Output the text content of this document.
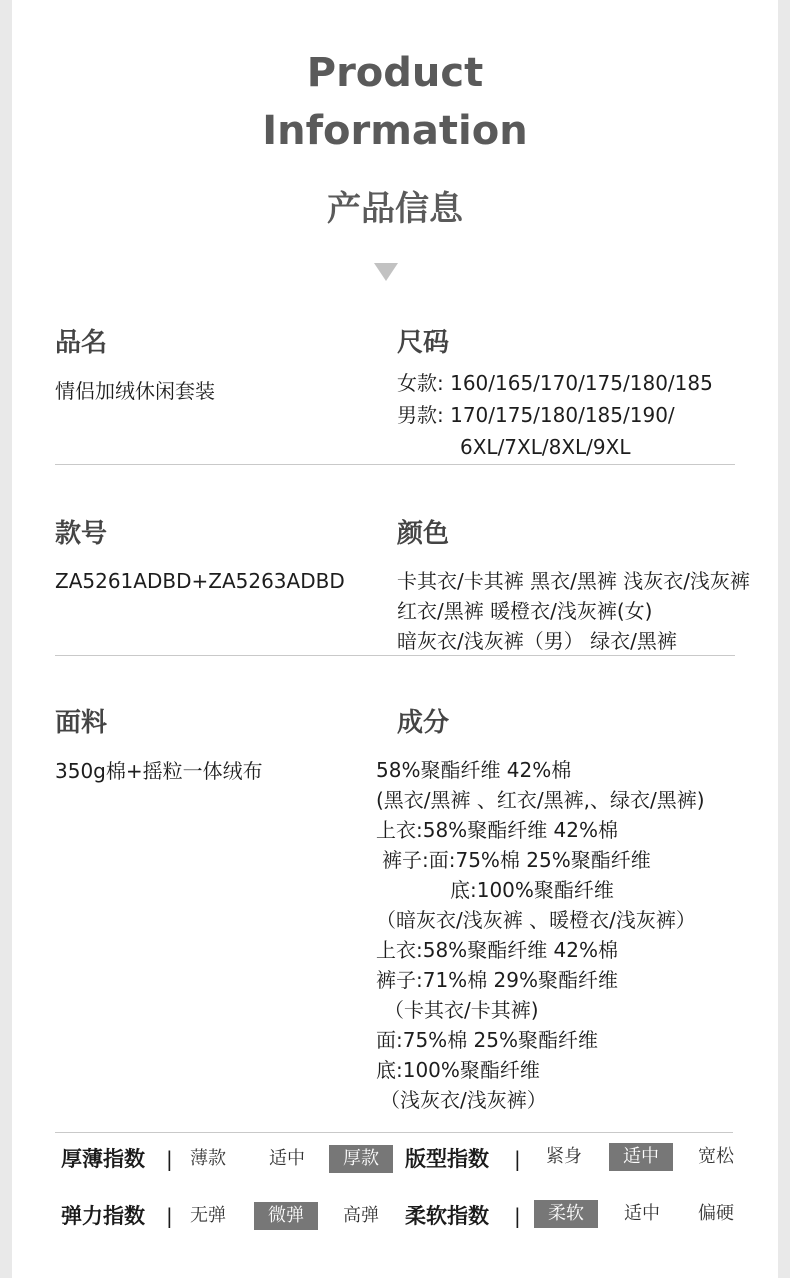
Product
Information
产品信息
品名
情侣加绒休闲套装
尺码
女款: 160/165/170/175/180/185
男款: 170/175/180/185/190/
6XL/7XL/8XL/9XL
款号
ZA5261ADBD+ZA5263ADBD
颜色
卡其衣/卡其裤 黑衣/黑裤 浅灰衣/浅灰裤
红衣/黑裤 暖橙衣/浅灰裤(女)
暗灰衣/浅灰裤（男） 绿衣/黑裤
面料
350g棉+摇粒一体绒布
成分
58%聚酯纤维 42%棉
(黑衣/黑裤 、红衣/黑裤,、绿衣/黑裤)
上衣:58%聚酯纤维 42%棉
裤子:面:75%棉 25%聚酯纤维
底:100%聚酯纤维
（暗灰衣/浅灰裤 、暖橙衣/浅灰裤）
上衣:58%聚酯纤维 42%棉
裤子:71%棉 29%聚酯纤维
（卡其衣/卡其裤)
面:75%棉 25%聚酯纤维
底:100%聚酯纤维
（浅灰衣/浅灰裤）
厚薄指数 | 薄款	适中	厚款	版型指数 |	紧身	适中	宽松
弹力指数 | 无弹	微弹	高弹	柔软指数 |	柔软	适中	偏硬
